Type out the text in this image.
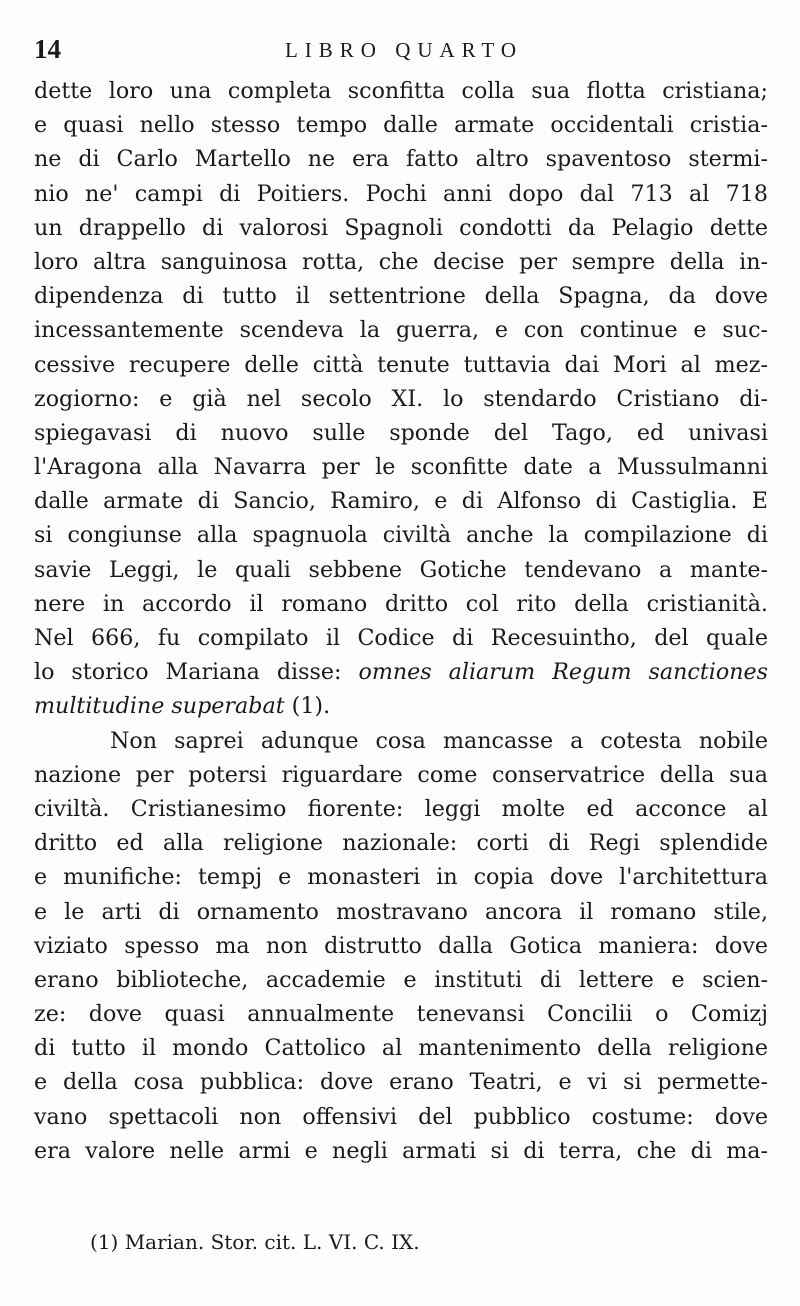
14	LIBRO QUARTO
dette loro una completa sconfitta colla sua flotta cristiana;
e quasi nello stesso tempo dalle armate occidentali cristia-
ne di Carlo Martello ne era fatto altro spaventoso stermi-
nio ne' campi di Poitiers. Pochi anni dopo dal 713 al 718
un drappello di valorosi Spagnoli condotti da Pelagio dette
loro altra sanguinosa rotta, che decise per sempre della in-
dipendenza di tutto il settentrione della Spagna, da dove
incessantemente scendeva la guerra, e con continue e suc-
cessive recupere delle città tenute tuttavia dai Mori al mez-
zogiorno: e già nel secolo XI. lo stendardo Cristiano di-
spiegavasi di nuovo sulle sponde del Tago, ed univasi
l'Aragona alla Navarra per le sconfitte date a Mussulmanni
dalle armate di Sancio, Ramiro, e di Alfonso di Castiglia. E
si congiunse alla spagnuola civiltà anche la compilazione di
savie Leggi, le quali sebbene Gotiche tendevano a mante-
nere in accordo il romano dritto col rito della cristianità.
Nel 666, fu compilato il Codice di Recesuintho, del quale
lo storico Mariana disse: omnes aliarum Regum sanctiones
multitudine superabat (1).
Non saprei adunque cosa mancasse a cotesta nobile
nazione per potersi riguardare come conservatrice della sua
civiltà. Cristianesimo fiorente: leggi molte ed acconce al
dritto ed alla religione nazionale: corti di Regi splendide
e munifiche: tempj e monasteri in copia dove l'architettura
e le arti di ornamento mostravano ancora il romano stile,
viziato spesso ma non distrutto dalla Gotica maniera: dove
erano biblioteche, accademie e instituti di lettere e scien-
ze: dove quasi annualmente tenevansi Concilii o Comizj
di tutto il mondo Cattolico al mantenimento della religione
e della cosa pubblica: dove erano Teatri, e vi si permette-
vano spettacoli non offensivi del pubblico costume: dove
era valore nelle armi e negli armati si di terra, che di ma-
(1) Marian. Stor. cit. L. VI. C. IX.
